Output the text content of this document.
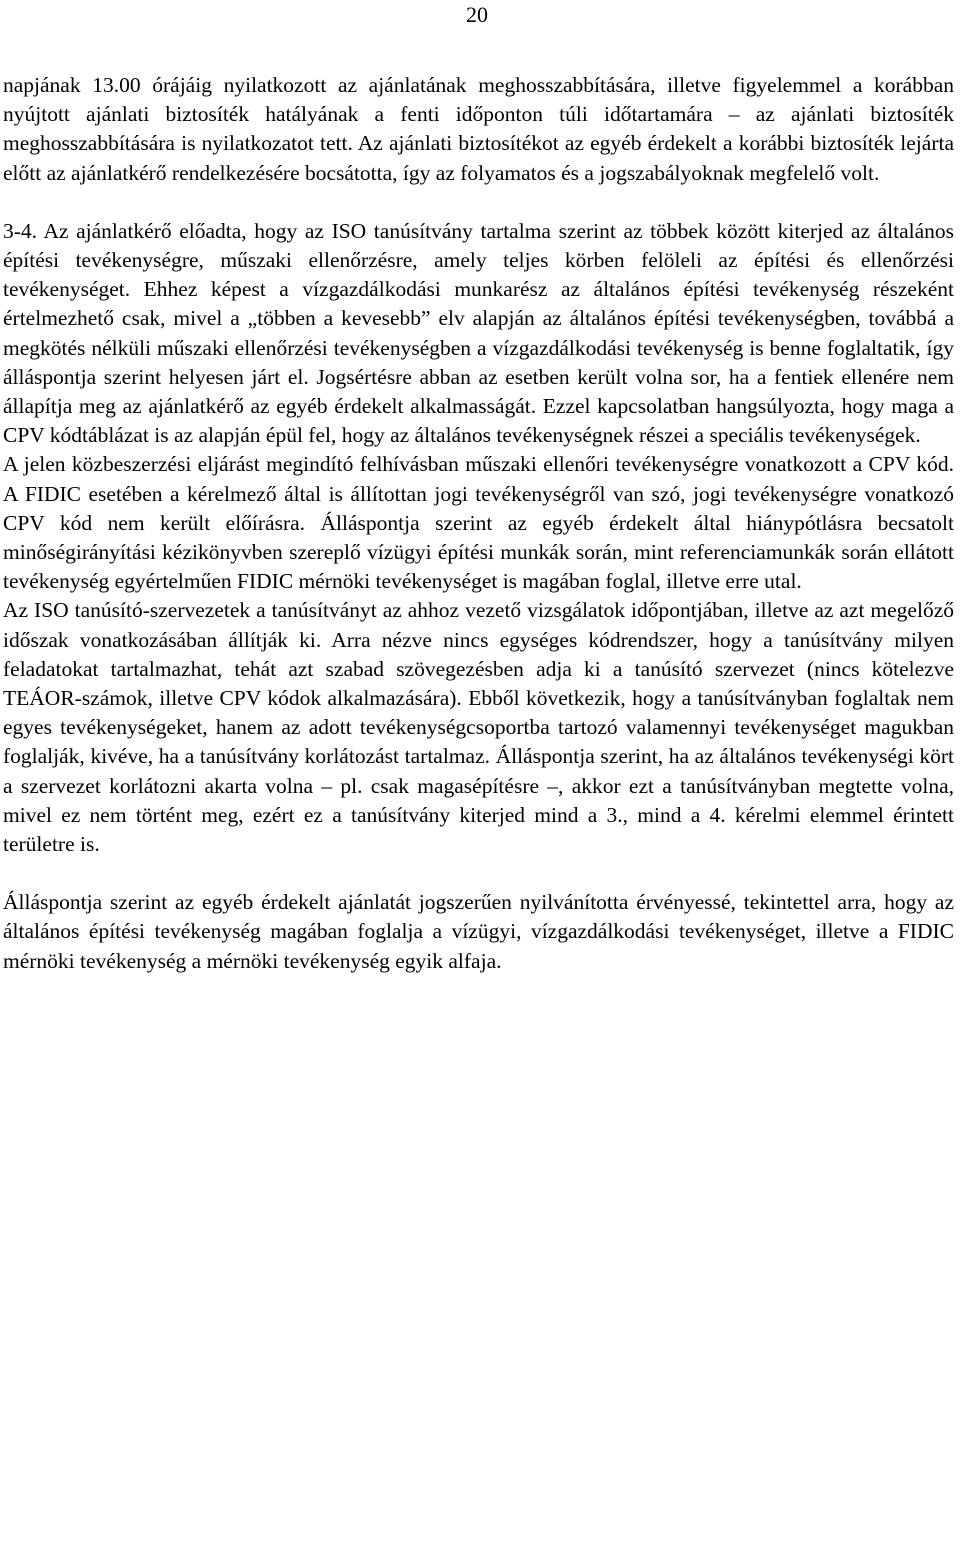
20

napjának 13.00 órájáig nyilatkozott az ajánlatának meghosszabbítására, illetve figyelemmel a korábban nyújtott ajánlati biztosíték hatályának a fenti időponton túli időtartamára – az ajánlati biztosíték meghosszabbítására is nyilatkozatot tett. Az ajánlati biztosítékot az egyéb érdekelt a korábbi biztosíték lejárta előtt az ajánlatkérő rendelkezésére bocsátotta, így az folyamatos és a jogszabályoknak megfelelő volt.

3-4. Az ajánlatkérő előadta, hogy az ISO tanúsítvány tartalma szerint az többek között kiterjed az általános építési tevékenységre, műszaki ellenőrzésre, amely teljes körben felöleli az építési és ellenőrzési tevékenységet. Ehhez képest a vízgazdálkodási munkarész az általános építési tevékenység részeként értelmezhető csak, mivel a „többen a kevesebb” elv alapján az általános építési tevékenységben, továbbá a megkötés nélküli műszaki ellenőrzési tevékenységben a vízgazdálkodási tevékenység is benne foglaltatik, így álláspontja szerint helyesen járt el. Jogsértésre abban az esetben került volna sor, ha a fentiek ellenére nem állapítja meg az ajánlatkérő az egyéb érdekelt alkalmasságát. Ezzel kapcsolatban hangsúlyozta, hogy maga a CPV kódtáblázat is az alapján épül fel, hogy az általános tevékenységnek részei a speciális tevékenységek.

A jelen közbeszerzési eljárást megindító felhívásban műszaki ellenőri tevékenységre vonatkozott a CPV kód. A FIDIC esetében a kérelmező által is állítottan jogi tevékenységről van szó, jogi tevékenységre vonatkozó CPV kód nem került előírásra. Álláspontja szerint az egyéb érdekelt által hiánypótlásra becsatolt minőségirányítási kézikönyvben szereplő vízügyi építési munkák során, mint referenciamunkák során ellátott tevékenység egyértelműen FIDIC mérnöki tevékenységet is magában foglal, illetve erre utal.

Az ISO tanúsító-szervezetek a tanúsítványt az ahhoz vezető vizsgálatok időpontjában, illetve az azt megelőző időszak vonatkozásában állítják ki. Arra nézve nincs egységes kódrendszer, hogy a tanúsítvány milyen feladatokat tartalmazhat, tehát azt szabad szövegezésben adja ki a tanúsító szervezet (nincs kötelezve TEÁOR-számok, illetve CPV kódok alkalmazására). Ebből következik, hogy a tanúsítványban foglaltak nem egyes tevékenységeket, hanem az adott tevékenységcsoportba tartozó valamennyi tevékenységet magukban foglalják, kivéve, ha a tanúsítvány korlátozást tartalmaz. Álláspontja szerint, ha az általános tevékenységi kört a szervezet korlátozni akarta volna – pl. csak magasépítésre –, akkor ezt a tanúsítványban megtette volna, mivel ez nem történt meg, ezért ez a tanúsítvány kiterjed mind a 3., mind a 4. kérelmi elemmel érintett területre is.

Álláspontja szerint az egyéb érdekelt ajánlatát jogszerűen nyilvánította érvényessé, tekintettel arra, hogy az általános építési tevékenység magában foglalja a vízügyi, vízgazdálkodási tevékenységet, illetve a FIDIC mérnöki tevékenység a mérnöki tevékenység egyik alfaja.
